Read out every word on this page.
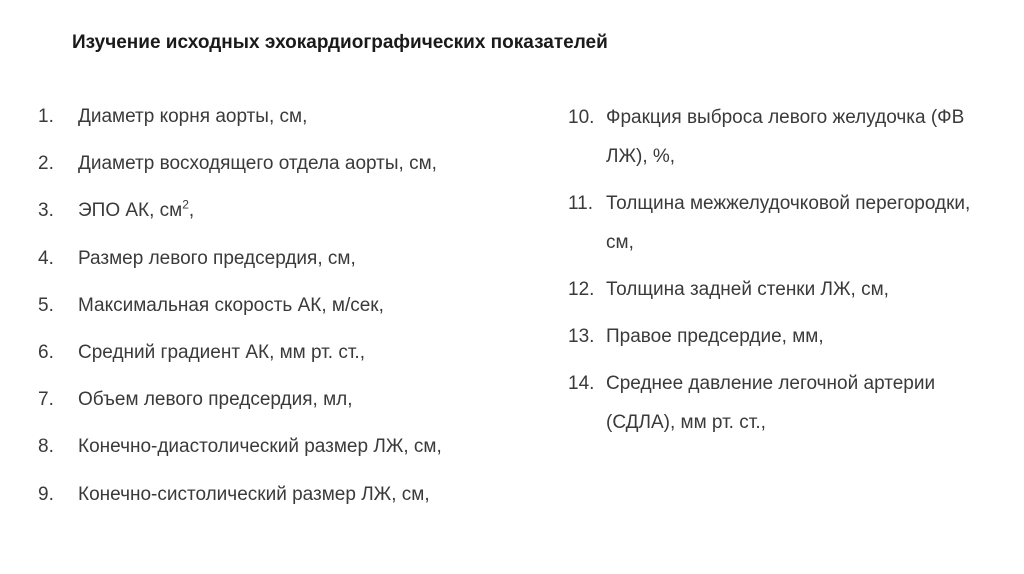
Изучение исходных эхокардиографических показателей
1.	Диаметр корня аорты, см,
2.	Диаметр восходящего отдела аорты, см,
3.	ЭПО АК, $см^2$,
4.	Размер левого предсердия, см,
5.	Максимальная скорость АК, м/сек,
6.	Средний градиент АК, мм рт. ст.,
7.	Объем левого предсердия, мл,
8.	Конечно-диастолический размер ЛЖ, см,
9.	Конечно-систолический размер ЛЖ, см,
10. Фракция выброса левого желудочка (ФВ ЛЖ), %,
11. Толщина межжелудочковой перегородки, см,
12. Толщина задней стенки ЛЖ, см,
13. Правое предсердие, мм,
14. Среднее давление легочной артерии (СДЛА), мм рт. ст.,
